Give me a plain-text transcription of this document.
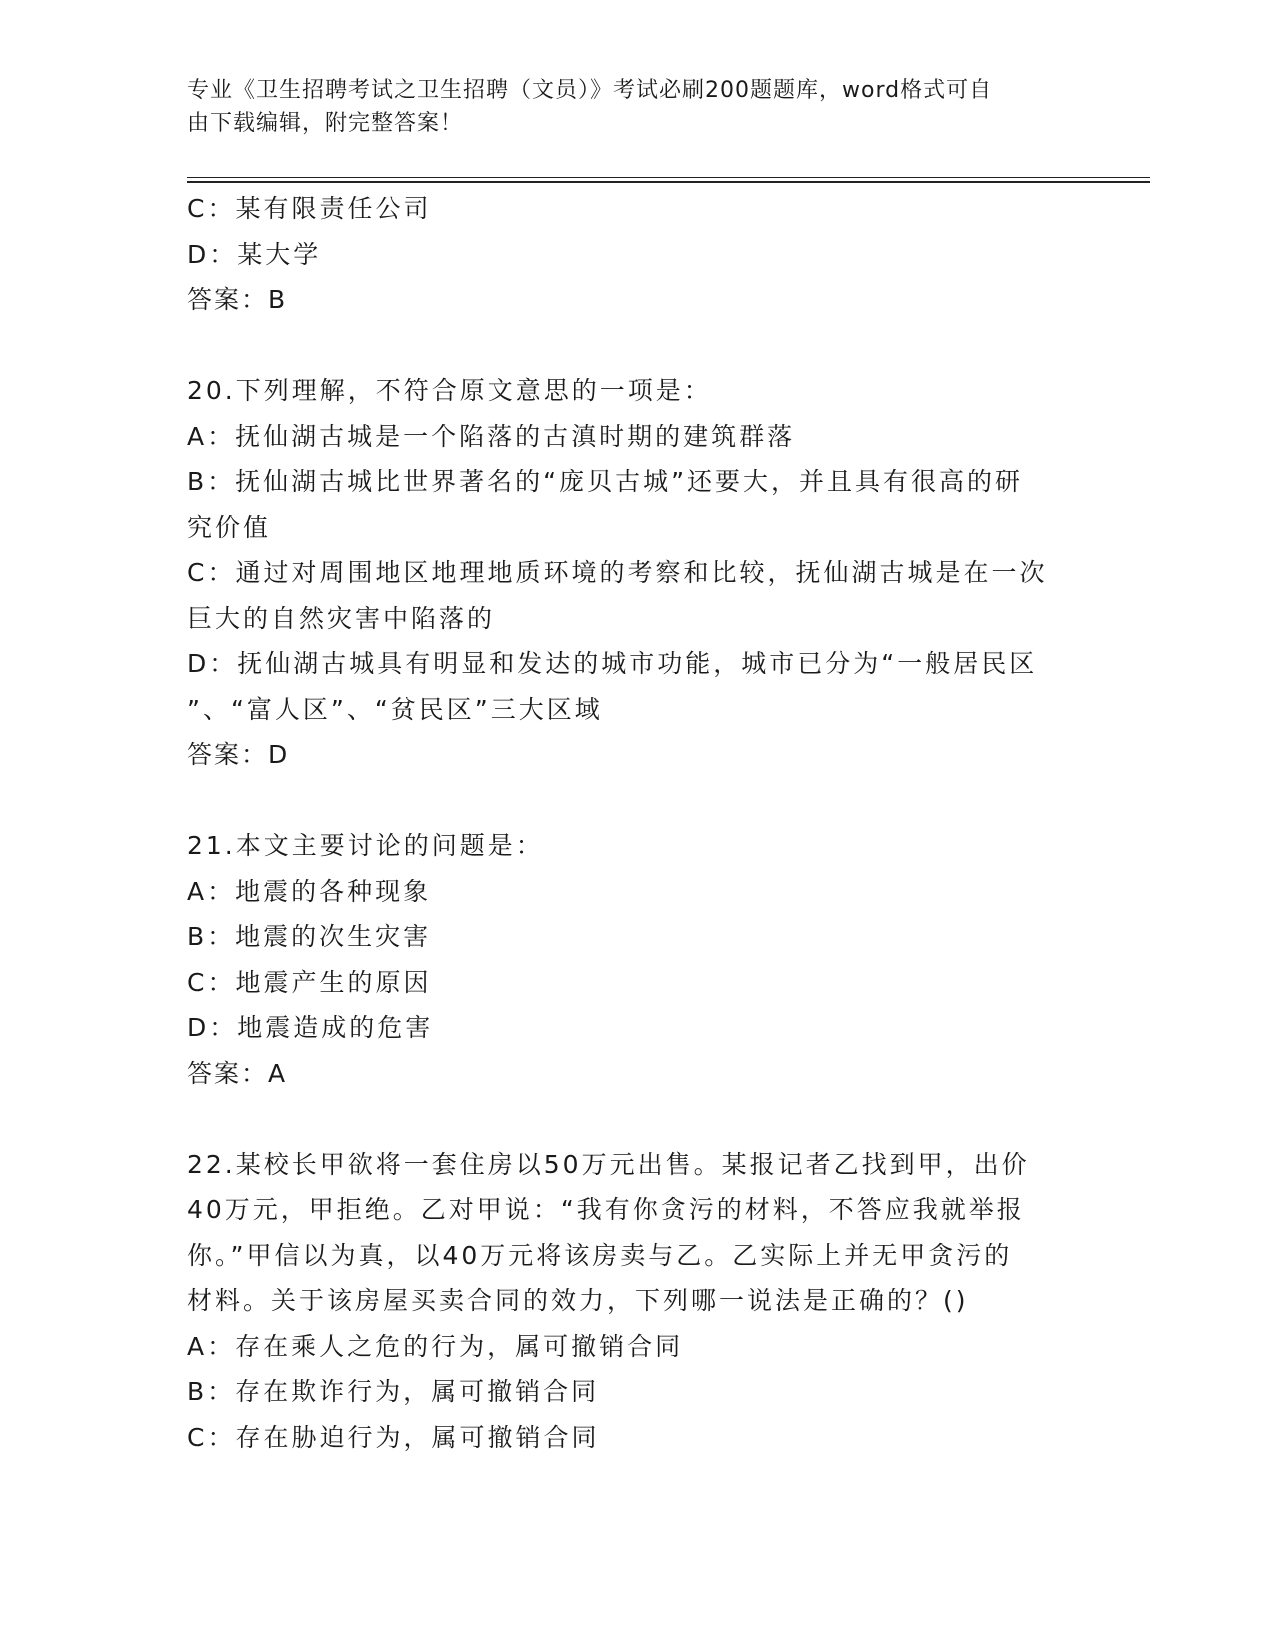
专业《卫生招聘考试之卫生招聘（文员）》考试必刷200题题库，word格式可自
由下载编辑，附完整答案！
C：某有限责任公司
D：某大学
答案：B
20.下列理解，不符合原文意思的一项是：
A：抚仙湖古城是一个陷落的古滇时期的建筑群落
B：抚仙湖古城比世界著名的“庞贝古城”还要大，并且具有很高的研
究价值
C：通过对周围地区地理地质环境的考察和比较，抚仙湖古城是在一次
巨大的自然灾害中陷落的
D：抚仙湖古城具有明显和发达的城市功能，城市已分为“一般居民区
”、“富人区”、“贫民区”三大区域
答案：D
21.本文主要讨论的问题是：
A：地震的各种现象
B：地震的次生灾害
C：地震产生的原因
D：地震造成的危害
答案：A
22.某校长甲欲将一套住房以50万元出售。某报记者乙找到甲，出价
40万元，甲拒绝。乙对甲说：“我有你贪污的材料，不答应我就举报
你。”甲信以为真，以40万元将该房卖与乙。乙实际上并无甲贪污的
材料。关于该房屋买卖合同的效力，下列哪一说法是正确的？()
A：存在乘人之危的行为，属可撤销合同
B：存在欺诈行为，属可撤销合同
C：存在胁迫行为，属可撤销合同
